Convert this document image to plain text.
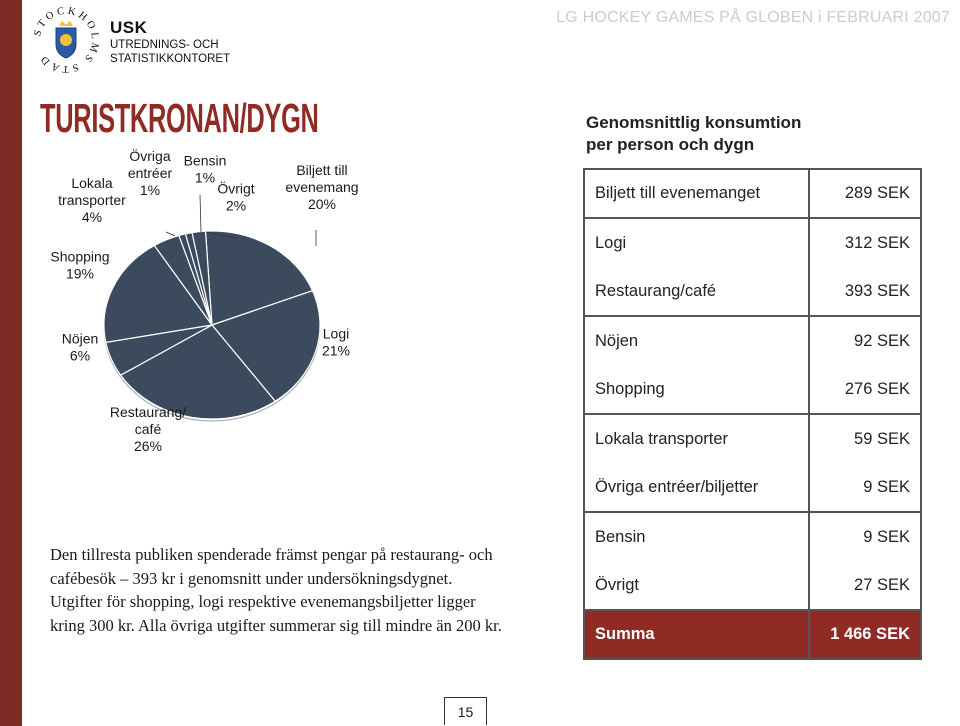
STOCKHOLMS STAD
USK
UTREDNINGS- OCH
STATISTIKKONTORET
LG HOCKEY GAMES PÅ GLOBEN i FEBRUARI 2007
TURISTKRONAN/DYGN
Biljett till evenemang 20%
Logi 21%
Restaurang/ café 26%
Nöjen 6%
Shopping 19%
Lokala transporter 4%
Övriga entréer 1%
Bensin 1%
Övrigt 2%
Genomsnittlig konsumtion
per person och dygn
Biljett till evenemanget	289 SEK
Logi	312 SEK
Restaurang/café	393 SEK
Nöjen	92 SEK
Shopping	276 SEK
Lokala transporter	59 SEK
Övriga entréer/biljetter	9 SEK
Bensin	9 SEK
Övrigt	27 SEK
Summa	1 466 SEK
Den tillresta publiken spenderade främst pengar på restaurang- och
cafébesök – 393 kr i genomsnitt under undersökningsdygnet.
Utgifter för shopping, logi respektive evenemangsbiljetter ligger
kring 300 kr. Alla övriga utgifter summerar sig till mindre än 200 kr.
15
